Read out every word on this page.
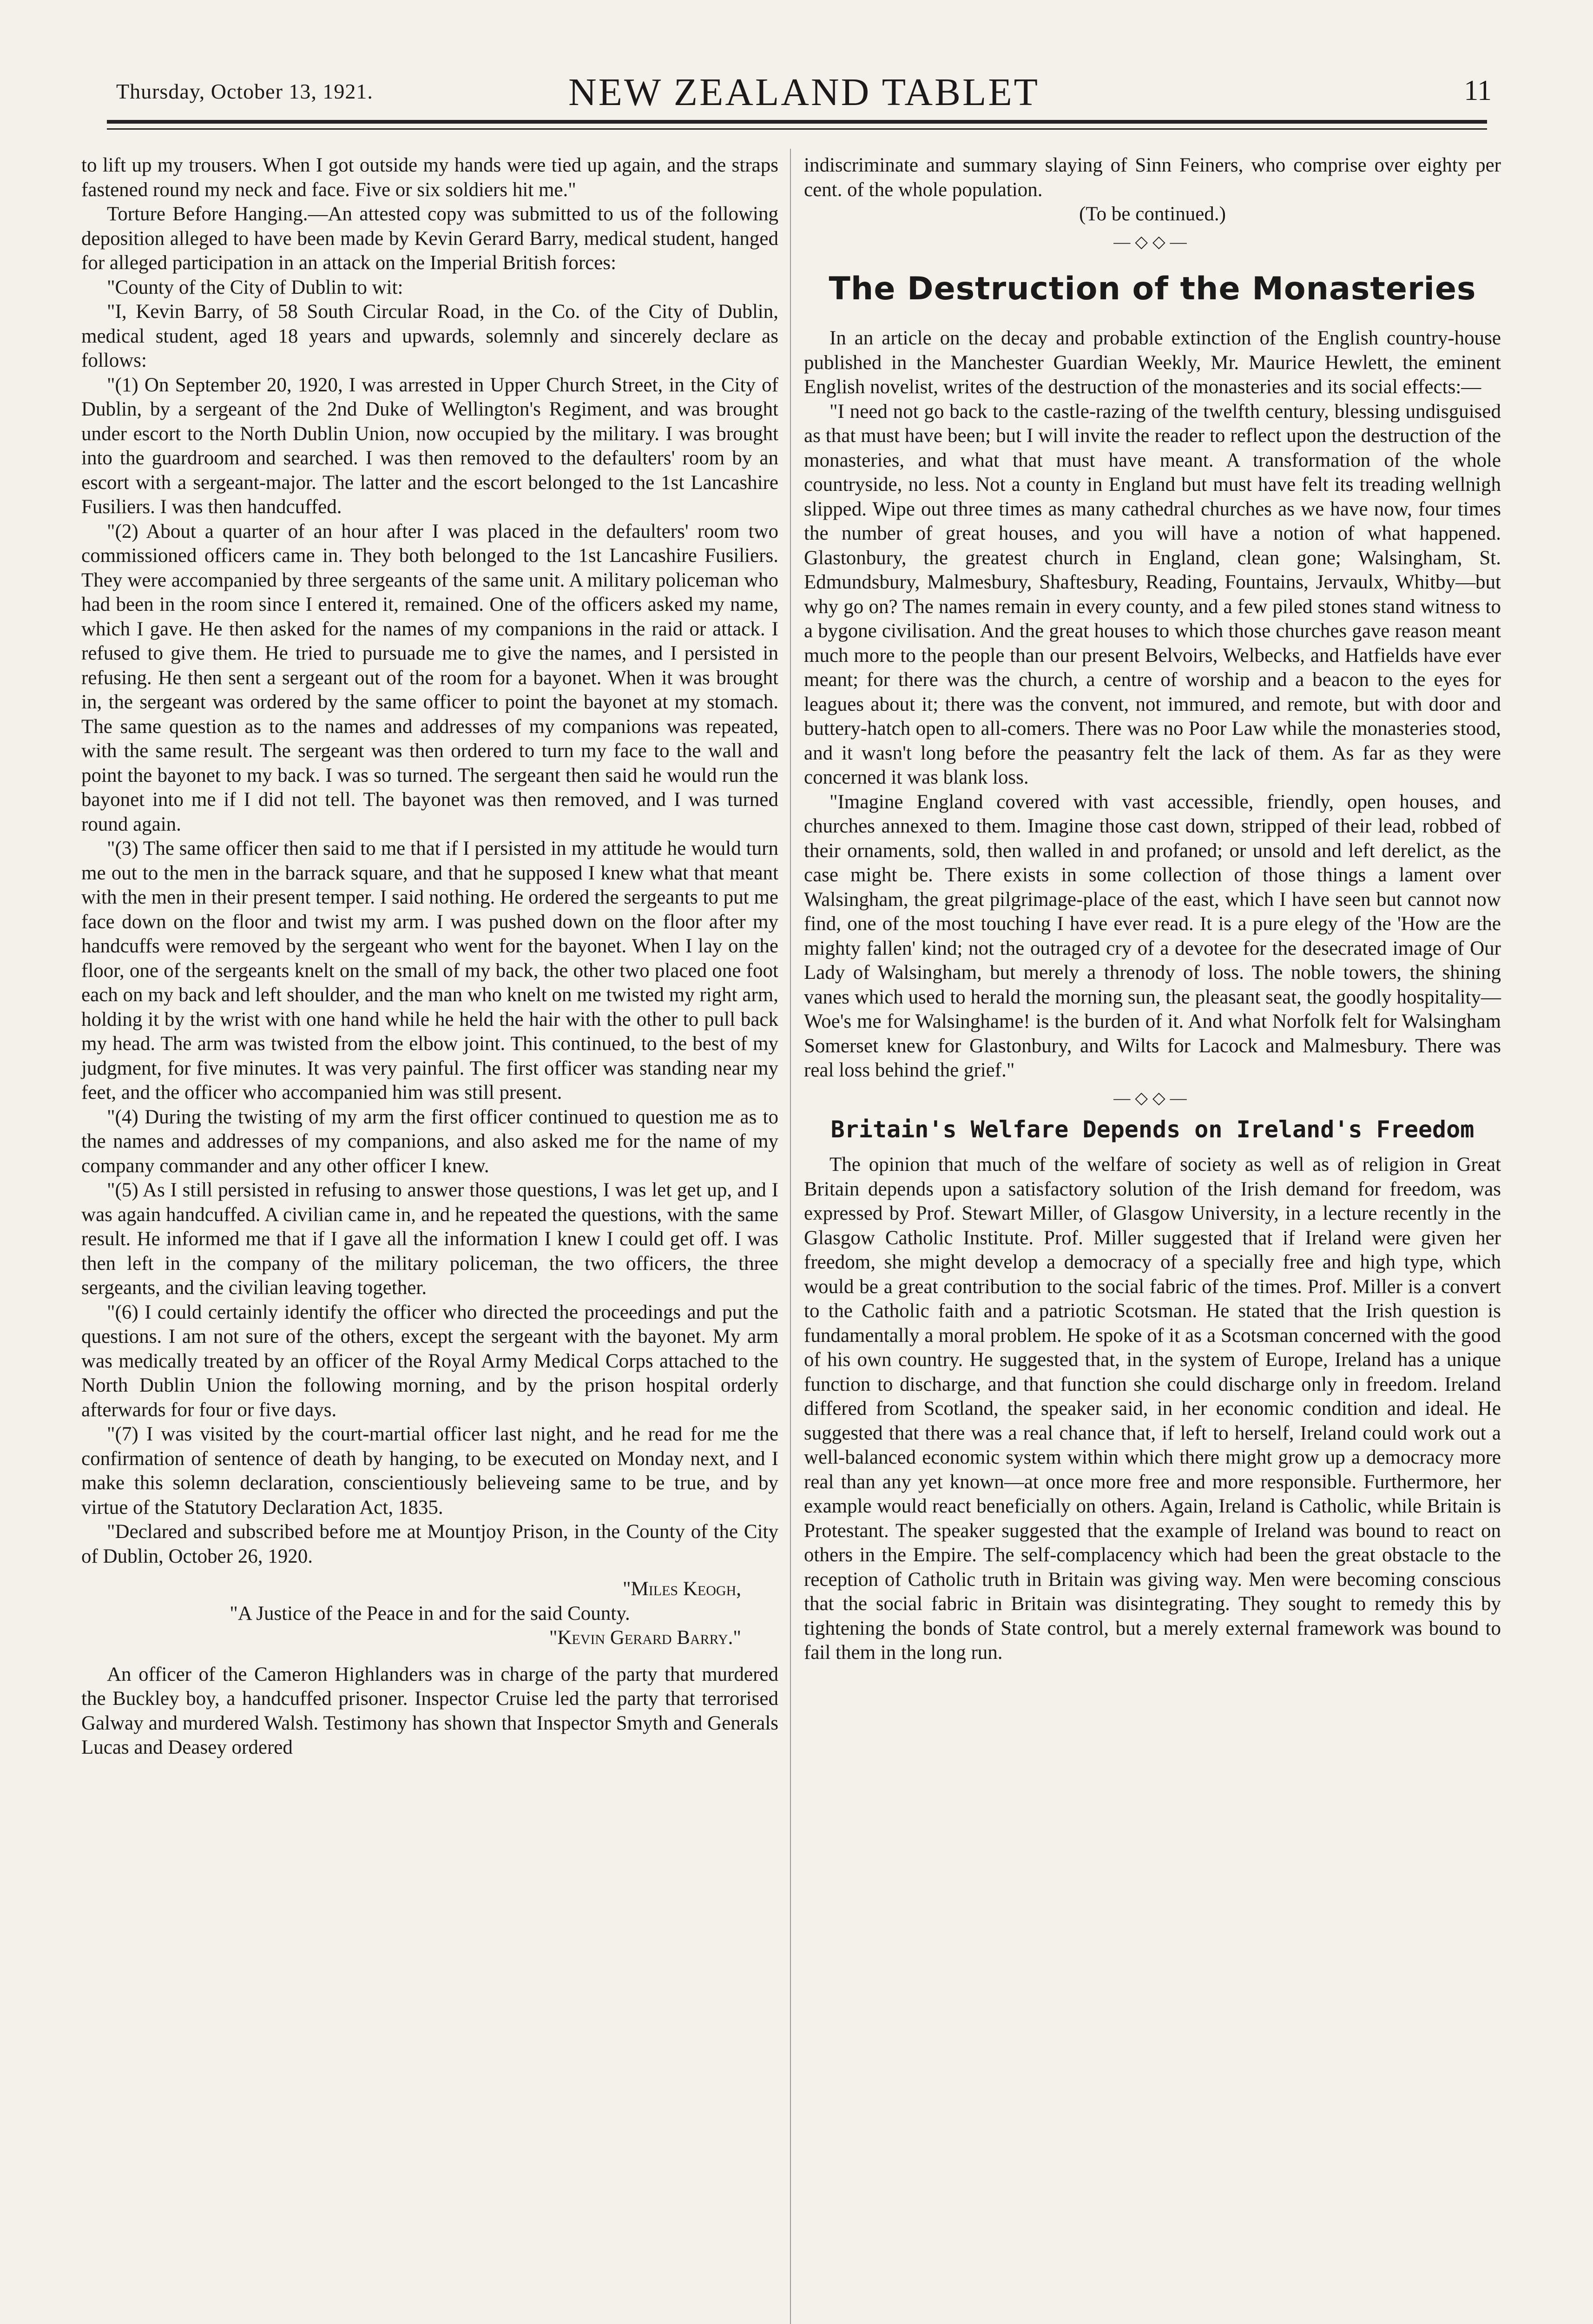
Thursday, October 13, 1921.	NEW ZEALAND TABLET	11

to lift up my trousers. When I got outside my hands were tied up again, and the straps fastened round my neck and face. Five or six soldiers hit me."

Torture Before Hanging.—An attested copy was submitted to us of the following deposition alleged to have been made by Kevin Gerard Barry, medical student, hanged for alleged participation in an attack on the Imperial British forces:

"County of the City of Dublin to wit:

"I, Kevin Barry, of 58 South Circular Road, in the Co. of the City of Dublin, medical student, aged 18 years and upwards, solemnly and sincerely declare as follows:

"(1) On September 20, 1920, I was arrested in Upper Church Street, in the City of Dublin, by a sergeant of the 2nd Duke of Wellington's Regiment, and was brought under escort to the North Dublin Union, now occupied by the military. I was brought into the guardroom and searched. I was then removed to the defaulters' room by an escort with a sergeant-major. The latter and the escort belonged to the 1st Lancashire Fusiliers. I was then handcuffed.

"(2) About a quarter of an hour after I was placed in the defaulters' room two commissioned officers came in. They both belonged to the 1st Lancashire Fusiliers. They were accompanied by three sergeants of the same unit. A military policeman who had been in the room since I entered it, remained. One of the officers asked my name, which I gave. He then asked for the names of my companions in the raid or attack. I refused to give them. He tried to pursuade me to give the names, and I persisted in refusing. He then sent a sergeant out of the room for a bayonet. When it was brought in, the sergeant was ordered by the same officer to point the bayonet at my stomach. The same question as to the names and addresses of my companions was repeated, with the same result. The sergeant was then ordered to turn my face to the wall and point the bayonet to my back. I was so turned. The sergeant then said he would run the bayonet into me if I did not tell. The bayonet was then removed, and I was turned round again.

"(3) The same officer then said to me that if I persisted in my attitude he would turn me out to the men in the barrack square, and that he supposed I knew what that meant with the men in their present temper. I said nothing. He ordered the sergeants to put me face down on the floor and twist my arm. I was pushed down on the floor after my handcuffs were removed by the sergeant who went for the bayonet. When I lay on the floor, one of the sergeants knelt on the small of my back, the other two placed one foot each on my back and left shoulder, and the man who knelt on me twisted my right arm, holding it by the wrist with one hand while he held the hair with the other to pull back my head. The arm was twisted from the elbow joint. This continued, to the best of my judgment, for five minutes. It was very painful. The first officer was standing near my feet, and the officer who accompanied him was still present.

"(4) During the twisting of my arm the first officer continued to question me as to the names and addresses of my companions, and also asked me for the name of my company commander and any other officer I knew.

"(5) As I still persisted in refusing to answer those questions, I was let get up, and I was again handcuffed. A civilian came in, and he repeated the questions, with the same result. He informed me that if I gave all the information I knew I could get off. I was then left in the company of the military policeman, the two officers, the three sergeants, and the civilian leaving together.

"(6) I could certainly identify the officer who directed the proceedings and put the questions. I am not sure of the others, except the sergeant with the bayonet. My arm was medically treated by an officer of the Royal Army Medical Corps attached to the North Dublin Union the following morning, and by the prison hospital orderly afterwards for four or five days.

"(7) I was visited by the court-martial officer last night, and he read for me the confirmation of sentence of death by hanging, to be executed on Monday next, and I make this solemn declaration, conscientiously believeing same to be true, and by virtue of the Statutory Declaration Act, 1835.

"Declared and subscribed before me at Mountjoy Prison, in the County of the City of Dublin, October 26, 1920.

"Miles Keogh,

"A Justice of the Peace in and for the said County.

"Kevin Gerard Barry."

An officer of the Cameron Highlanders was in charge of the party that murdered the Buckley boy, a handcuffed prisoner. Inspector Cruise led the party that terrorised Galway and murdered Walsh. Testimony has shown that Inspector Smyth and Generals Lucas and Deasey ordered

indiscriminate and summary slaying of Sinn Feiners, who comprise over eighty per cent. of the whole population.

(To be continued.)

—◇◇—
The Destruction of the Monasteries

In an article on the decay and probable extinction of the English country-house published in the Manchester Guardian Weekly, Mr. Maurice Hewlett, the eminent English novelist, writes of the destruction of the monasteries and its social effects:—

"I need not go back to the castle-razing of the twelfth century, blessing undisguised as that must have been; but I will invite the reader to reflect upon the destruction of the monasteries, and what that must have meant. A transformation of the whole countryside, no less. Not a county in England but must have felt its treading wellnigh slipped. Wipe out three times as many cathedral churches as we have now, four times the number of great houses, and you will have a notion of what happened. Glastonbury, the greatest church in England, clean gone; Walsingham, St. Edmundsbury, Malmesbury, Shaftesbury, Reading, Fountains, Jervaulx, Whitby—but why go on? The names remain in every county, and a few piled stones stand witness to a bygone civilisation. And the great houses to which those churches gave reason meant much more to the people than our present Belvoirs, Welbecks, and Hatfields have ever meant; for there was the church, a centre of worship and a beacon to the eyes for leagues about it; there was the convent, not immured, and remote, but with door and buttery-hatch open to all-comers. There was no Poor Law while the monasteries stood, and it wasn't long before the peasantry felt the lack of them. As far as they were concerned it was blank loss.

"Imagine England covered with vast accessible, friendly, open houses, and churches annexed to them. Imagine those cast down, stripped of their lead, robbed of their ornaments, sold, then walled in and profaned; or unsold and left derelict, as the case might be. There exists in some collection of those things a lament over Walsingham, the great pilgrimage-place of the east, which I have seen but cannot now find, one of the most touching I have ever read. It is a pure elegy of the 'How are the mighty fallen' kind; not the outraged cry of a devotee for the desecrated image of Our Lady of Walsingham, but merely a threnody of loss. The noble towers, the shining vanes which used to herald the morning sun, the pleasant seat, the goodly hospitality—Woe's me for Walsinghame! is the burden of it. And what Norfolk felt for Walsingham Somerset knew for Glastonbury, and Wilts for Lacock and Malmesbury. There was real loss behind the grief."

—◇◇—
Britain's Welfare Depends on Ireland's Freedom

The opinion that much of the welfare of society as well as of religion in Great Britain depends upon a satisfactory solution of the Irish demand for freedom, was expressed by Prof. Stewart Miller, of Glasgow University, in a lecture recently in the Glasgow Catholic Institute. Prof. Miller suggested that if Ireland were given her freedom, she might develop a democracy of a specially free and high type, which would be a great contribution to the social fabric of the times. Prof. Miller is a convert to the Catholic faith and a patriotic Scotsman. He stated that the Irish question is fundamentally a moral problem. He spoke of it as a Scotsman concerned with the good of his own country. He suggested that, in the system of Europe, Ireland has a unique function to discharge, and that function she could discharge only in freedom. Ireland differed from Scotland, the speaker said, in her economic condition and ideal. He suggested that there was a real chance that, if left to herself, Ireland could work out a well-balanced economic system within which there might grow up a democracy more real than any yet known—at once more free and more responsible. Furthermore, her example would react beneficially on others. Again, Ireland is Catholic, while Britain is Protestant. The speaker suggested that the example of Ireland was bound to react on others in the Empire. The self-complacency which had been the great obstacle to the reception of Catholic truth in Britain was giving way. Men were becoming conscious that the social fabric in Britain was disintegrating. They sought to remedy this by tightening the bonds of State control, but a merely external framework was bound to fail them in the long run.
